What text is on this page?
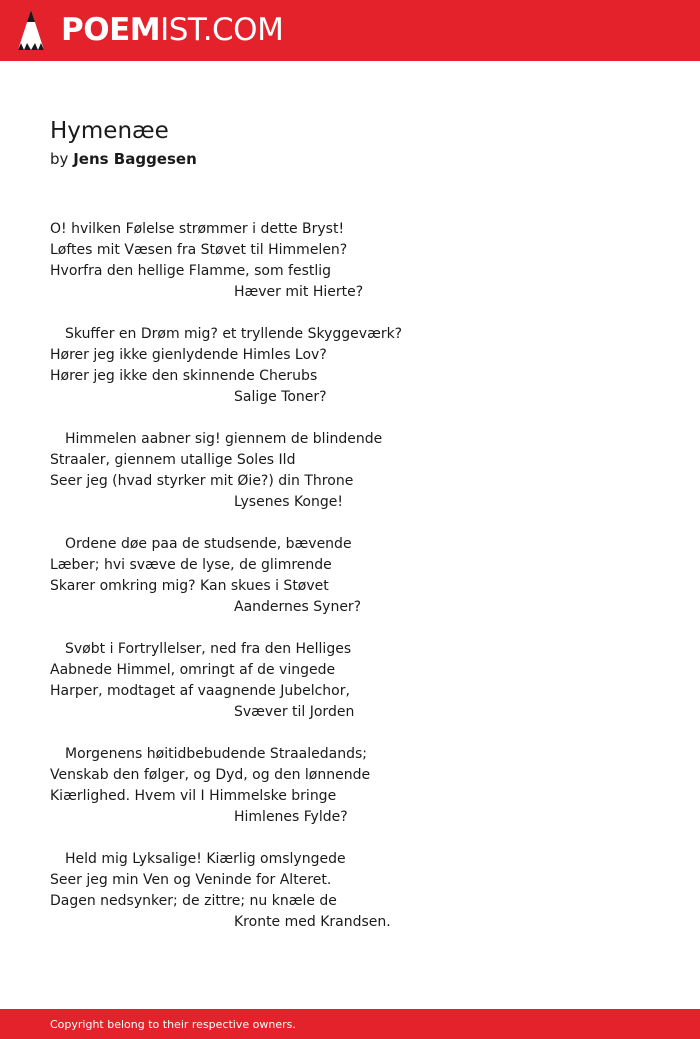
POEMIST.COM
Hymenæe
by Jens Baggesen
O! hvilken Følelse strømmer i dette Bryst!
Løftes mit Væsen fra Støvet til Himmelen?
Hvorfra den hellige Flamme, som festlig
Hæver mit Hierte?
Skuffer en Drøm mig? et tryllende Skyggeværk?
Hører jeg ikke gienlydende Himles Lov?
Hører jeg ikke den skinnende Cherubs
Salige Toner?
Himmelen aabner sig! giennem de blindende
Straaler, giennem utallige Soles Ild
Seer jeg (hvad styrker mit Øie?) din Throne
Lysenes Konge!
Ordene døe paa de studsende, bævende
Læber; hvi svæve de lyse, de glimrende
Skarer omkring mig? Kan skues i Støvet
Aandernes Syner?
Svøbt i Fortryllelser, ned fra den Helliges
Aabnede Himmel, omringt af de vingede
Harper, modtaget af vaagnende Jubelchor,
Svæver til Jorden
Morgenens høitidbebudende Straaledands;
Venskab den følger, og Dyd, og den lønnende
Kiærlighed. Hvem vil I Himmelske bringe
Himlenes Fylde?
Held mig Lyksalige! Kiærlig omslyngede
Seer jeg min Ven og Veninde for Alteret.
Dagen nedsynker; de zittre; nu knæle de
Kronte med Krandsen.
Copyright belong to their respective owners.
